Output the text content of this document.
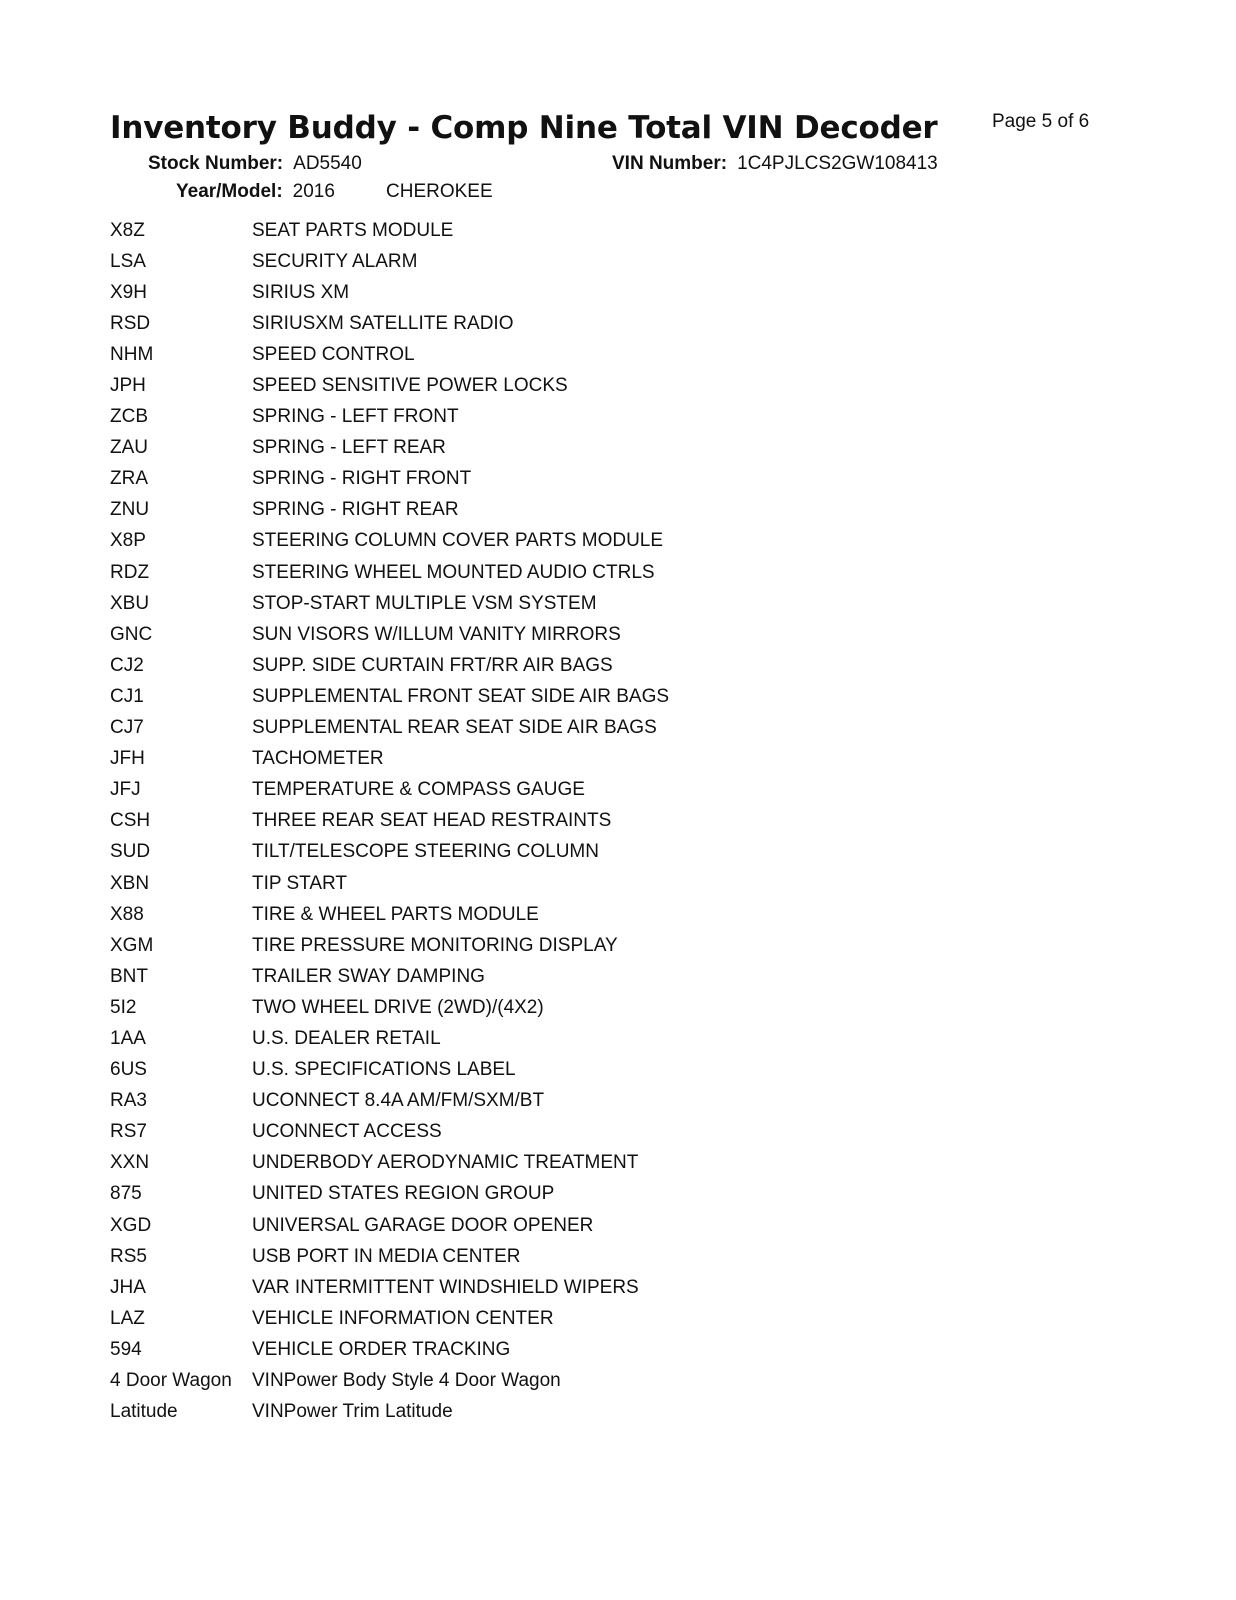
Inventory Buddy - Comp Nine Total VIN Decoder	Page 5 of 6
Stock Number: AD5540	VIN Number: 1C4PJLCS2GW108413
Year/Model: 2016	CHEROKEE
X8Z	SEAT PARTS MODULE
LSA	SECURITY ALARM
X9H	SIRIUS XM
RSD	SIRIUSXM SATELLITE RADIO
NHM	SPEED CONTROL
JPH	SPEED SENSITIVE POWER LOCKS
ZCB	SPRING - LEFT FRONT
ZAU	SPRING - LEFT REAR
ZRA	SPRING - RIGHT FRONT
ZNU	SPRING - RIGHT REAR
X8P	STEERING COLUMN COVER PARTS MODULE
RDZ	STEERING WHEEL MOUNTED AUDIO CTRLS
XBU	STOP-START MULTIPLE VSM SYSTEM
GNC	SUN VISORS W/ILLUM VANITY MIRRORS
CJ2	SUPP. SIDE CURTAIN FRT/RR AIR BAGS
CJ1	SUPPLEMENTAL FRONT SEAT SIDE AIR BAGS
CJ7	SUPPLEMENTAL REAR SEAT SIDE AIR BAGS
JFH	TACHOMETER
JFJ	TEMPERATURE & COMPASS GAUGE
CSH	THREE REAR SEAT HEAD RESTRAINTS
SUD	TILT/TELESCOPE STEERING COLUMN
XBN	TIP START
X88	TIRE & WHEEL PARTS MODULE
XGM	TIRE PRESSURE MONITORING DISPLAY
BNT	TRAILER SWAY DAMPING
5I2	TWO WHEEL DRIVE (2WD)/(4X2)
1AA	U.S. DEALER RETAIL
6US	U.S. SPECIFICATIONS LABEL
RA3	UCONNECT 8.4A AM/FM/SXM/BT
RS7	UCONNECT ACCESS
XXN	UNDERBODY AERODYNAMIC TREATMENT
875	UNITED STATES REGION GROUP
XGD	UNIVERSAL GARAGE DOOR OPENER
RS5	USB PORT IN MEDIA CENTER
JHA	VAR INTERMITTENT WINDSHIELD WIPERS
LAZ	VEHICLE INFORMATION CENTER
594	VEHICLE ORDER TRACKING
4 Door Wagon	VINPower Body Style 4 Door Wagon
Latitude	VINPower Trim Latitude
